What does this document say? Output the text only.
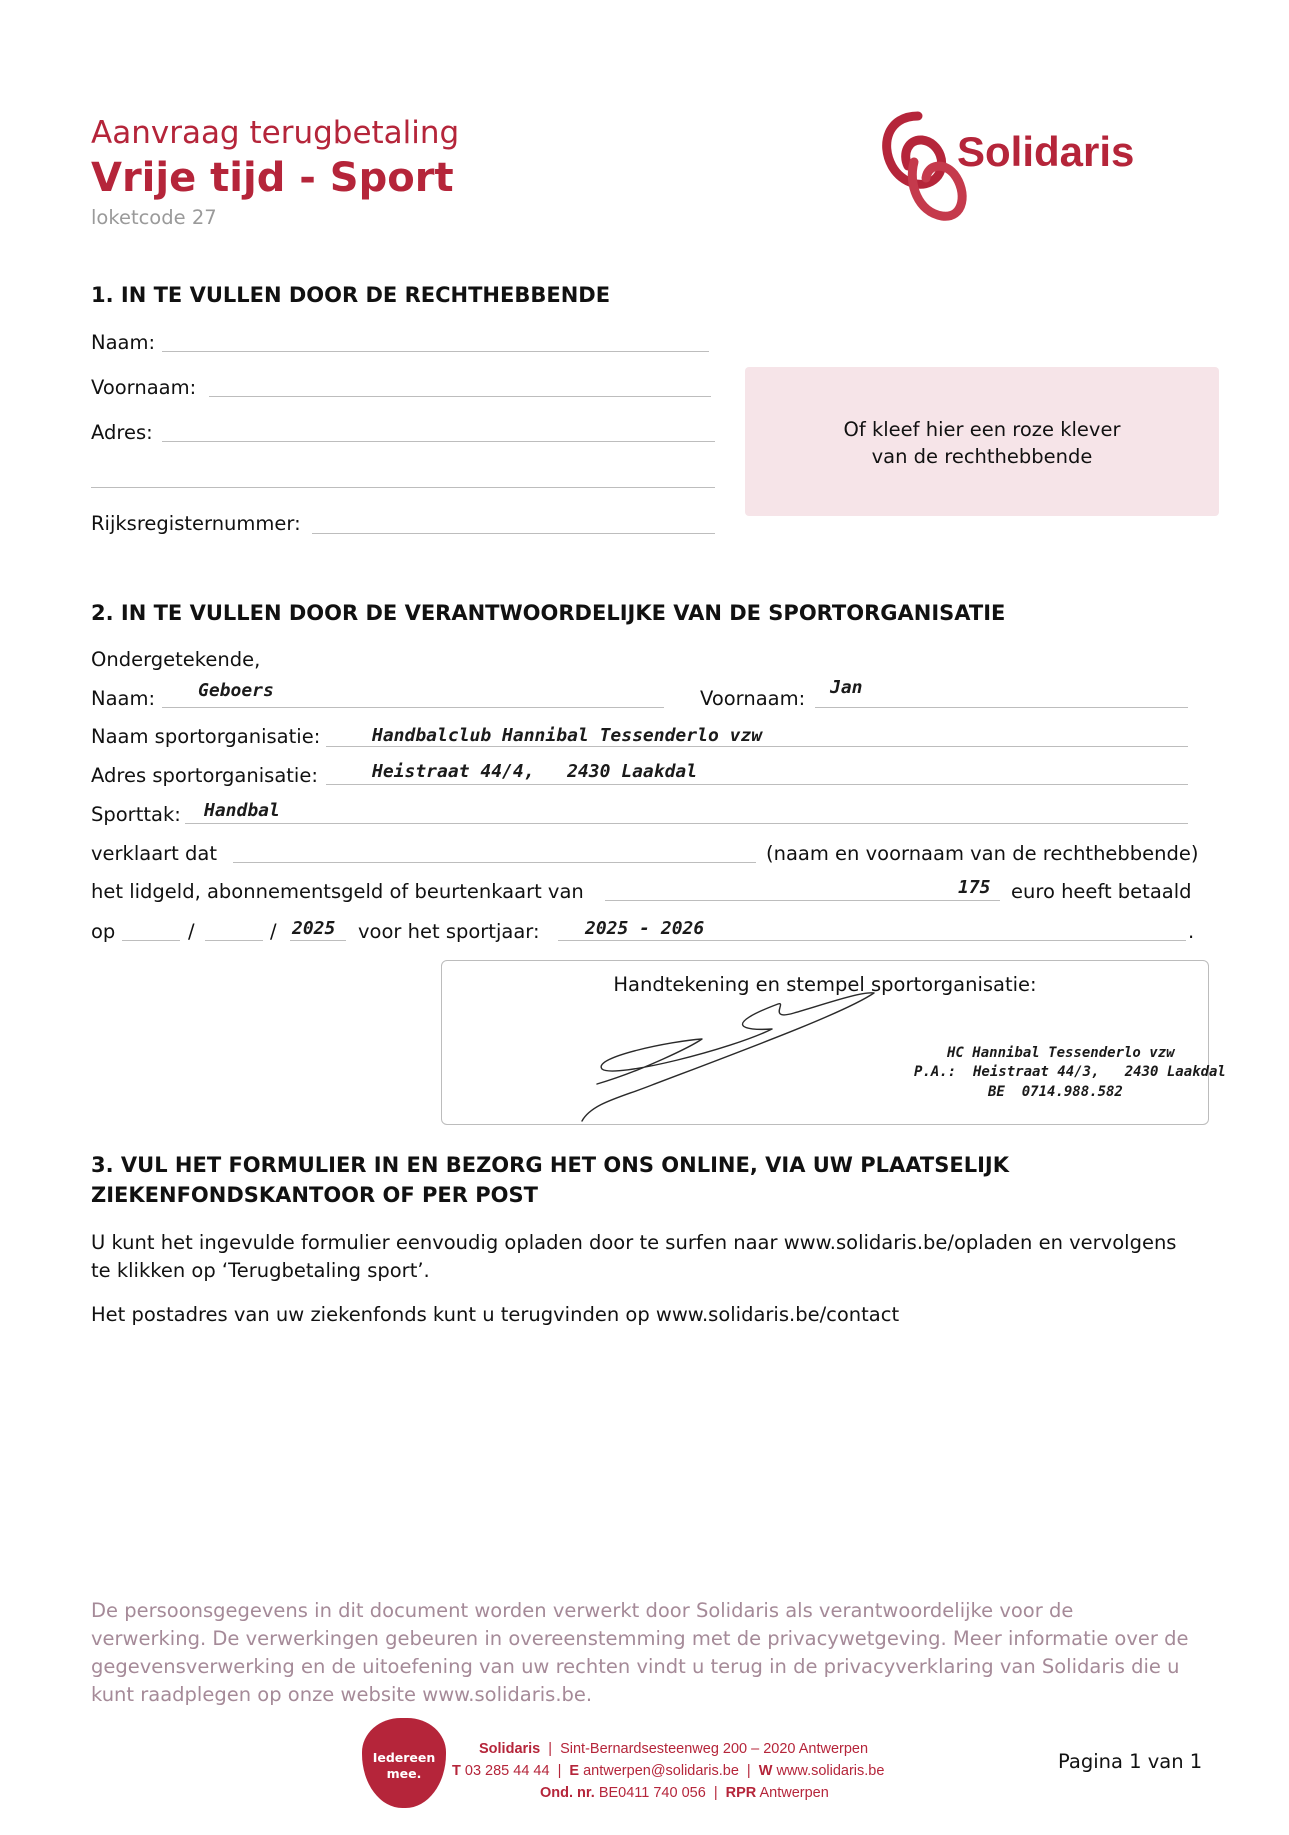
Aanvraag terugbetaling
Vrije tijd - Sport
loketcode 27
Solidaris
1. IN TE VULLEN DOOR DE RECHTHEBBENDE
Naam:
Voornaam:
Adres:
Rijksregisternummer:
Of kleef hier een roze klever
van de rechthebbende
2. IN TE VULLEN DOOR DE VERANTWOORDELIJKE VAN DE SPORTORGANISATIE
Ondergetekende,
Naam: Geboers	Voornaam: Jan
Naam sportorganisatie:	Handbalclub Hannibal Tessenderlo vzw
Adres sportorganisatie:	Heistraat 44/4,   2430 Laakdal
Sporttak: Handbal
verklaart dat	(naam en voornaam van de rechthebbende)
het lidgeld, abonnementsgeld of beurtenkaart van	175 euro heeft betaald
op	/	/ 2025 voor het sportjaar:	2025 - 2026	.
Handtekening en stempel sportorganisatie:
HC Hannibal Tessenderlo vzw
P.A.:  Heistraat 44/3,   2430 Laakdal
BE  0714.988.582
3. VUL HET FORMULIER IN EN BEZORG HET ONS ONLINE, VIA UW PLAATSELIJK
ZIEKENFONDSKANTOOR OF PER POST
U kunt het ingevulde formulier eenvoudig opladen door te surfen naar www.solidaris.be/opladen en vervolgens
te klikken op ‘Terugbetaling sport’.
Het postadres van uw ziekenfonds kunt u terugvinden op www.solidaris.be/contact
De persoonsgegevens in dit document worden verwerkt door Solidaris als verantwoordelijke voor de
verwerking. De verwerkingen gebeuren in overeenstemming met de privacywetgeving. Meer informatie over de
gegevensverwerking en de uitoefening van uw rechten vindt u terug in de privacyverklaring van Solidaris die u
kunt raadplegen op onze website www.solidaris.be.
Iedereen
mee.
Solidaris | Sint-Bernardsesteenweg 200 – 2020 Antwerpen
T 03 285 44 44 | E antwerpen@solidaris.be | W www.solidaris.be
Ond. nr. BE0411 740 056 | RPR Antwerpen
Pagina 1 van 1
